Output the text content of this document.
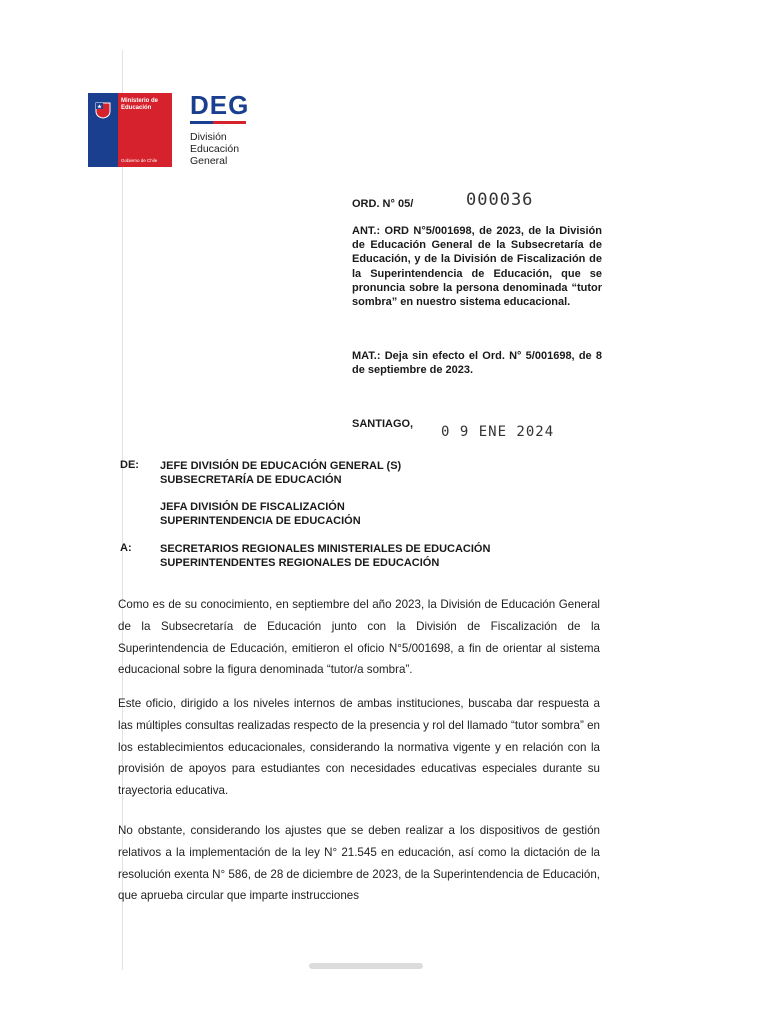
Ministerio de Educación
Gobierno de Chile
DEG
División
Educación
General
ORD. N° 05/	000036
ANT.: ORD N°5/001698, de 2023, de la División de Educación General de la Subsecretaría de Educación, y de la División de Fiscalización de la Superintendencia de Educación, que se pronuncia sobre la persona denominada “tutor sombra” en nuestro sistema educacional.
MAT.: Deja sin efecto el Ord. N° 5/001698, de 8 de septiembre de 2023.
SANTIAGO, 0 9 ENE 2024
DE: JEFE DIVISIÓN DE EDUCACIÓN GENERAL (S)
SUBSECRETARÍA DE EDUCACIÓN
JEFA DIVISIÓN DE FISCALIZACIÓN
SUPERINTENDENCIA DE EDUCACIÓN
A:	SECRETARIOS REGIONALES MINISTERIALES DE EDUCACIÓN
SUPERINTENDENTES REGIONALES DE EDUCACIÓN
Como es de su conocimiento, en septiembre del año 2023, la División de Educación General de la Subsecretaría de Educación junto con la División de Fiscalización de la Superintendencia de Educación, emitieron el oficio N°5/001698, a fin de orientar al sistema educacional sobre la figura denominada “tutor/a sombra”.
Este oficio, dirigido a los niveles internos de ambas instituciones, buscaba dar respuesta a las múltiples consultas realizadas respecto de la presencia y rol del llamado “tutor sombra” en los establecimientos educacionales, considerando la normativa vigente y en relación con la provisión de apoyos para estudiantes con necesidades educativas especiales durante su trayectoria educativa.
No obstante, considerando los ajustes que se deben realizar a los dispositivos de gestión relativos a la implementación de la ley N° 21.545 en educación, así como la dictación de la resolución exenta N° 586, de 28 de diciembre de 2023, de la Superintendencia de Educación, que aprueba circular que imparte instrucciones
